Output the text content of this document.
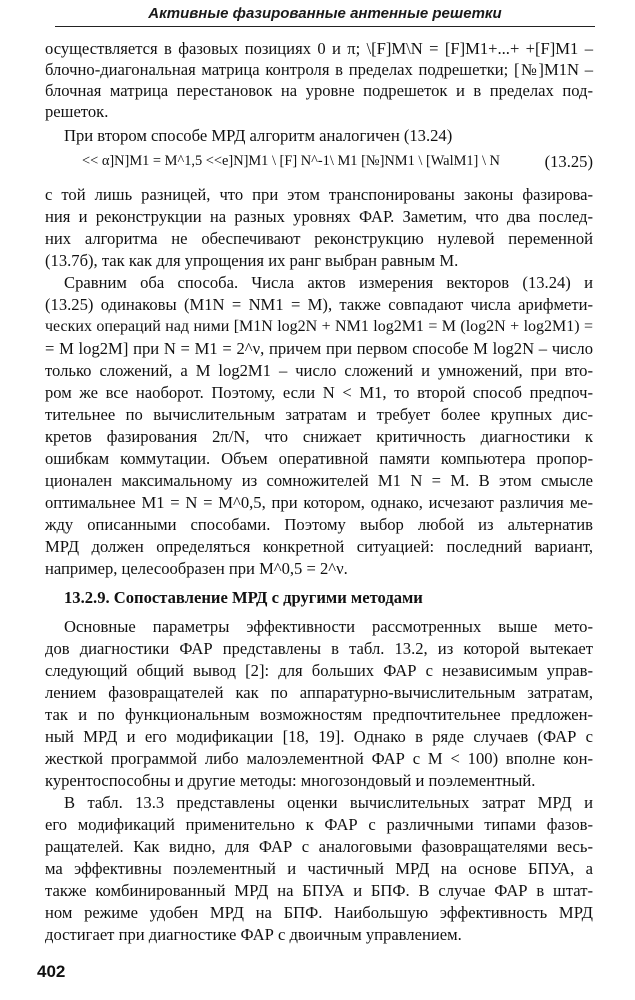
Активные фазированные антенные решетки
осуществляется в фазовых позициях 0 и π; \[F]M\N = [F]M1+...+ +[F]M1 –
блочно-диагональная матрица контроля в пределах подрешетки; [№]M1N –
блочная матрица перестановок на уровне подрешеток и в пределах под-
решеток.
При втором способе МРД алгоритм аналогичен (13.24)
<< α]N]M1 = M^1,5 <<e]N]M1 \ [F] N^-1\ M1 [№]NM1 \ [WalM1] \ N	(13.25)
с той лишь разницей, что при этом транспонированы законы фазирова-
ния и реконструкции на разных уровнях ФАР. Заметим, что два послед-
них алгоритма не обеспечивают реконструкцию нулевой переменной
(13.7б), так как для упрощения их ранг выбран равным M.
Сравним оба способа. Числа актов измерения векторов (13.24) и
(13.25) одинаковы (M1N = NM1 = M), также совпадают числа арифмети-
ческих операций над ними [M1N log2N + NM1 log2M1 = M (log2N + log2M1) =
= M log2M] при N = M1 = 2^ν, причем при первом способе M log2N – число
только сложений, а M log2M1 – число сложений и умножений, при вто-
ром же все наоборот. Поэтому, если N < M1, то второй способ предпоч-
тительнее по вычислительным затратам и требует более крупных дис-
кретов фазирования 2π/N, что снижает критичность диагностики к
ошибкам коммутации. Объем оперативной памяти компьютера пропор-
ционален максимальному из сомножителей M1 N = M. В этом смысле
оптимальнее M1 = N = M^0,5, при котором, однако, исчезают различия ме-
жду описанными способами. Поэтому выбор любой из альтернатив
МРД должен определяться конкретной ситуацией: последний вариант,
например, целесообразен при M^0,5 = 2^ν.
13.2.9. Сопоставление МРД с другими методами
Основные параметры эффективности рассмотренных выше мето-
дов диагностики ФАР представлены в табл. 13.2, из которой вытекает
следующий общий вывод [2]: для больших ФАР с независимым управ-
лением фазовращателей как по аппаратурно-вычислительным затратам,
так и по функциональным возможностям предпочтительнее предложен-
ный МРД и его модификации [18, 19]. Однако в ряде случаев (ФАР с
жесткой программой либо малоэлементной ФАР с M < 100) вполне кон-
курентоспособны и другие методы: многозондовый и поэлементный.
В табл. 13.3 представлены оценки вычислительных затрат МРД и
его модификаций применительно к ФАР с различными типами фазов-
ращателей. Как видно, для ФАР с аналоговыми фазовращателями весь-
ма эффективны поэлементный и частичный МРД на основе БПУА, а
также комбинированный МРД на БПУА и БПФ. В случае ФАР в штат-
ном режиме удобен МРД на БПФ. Наибольшую эффективность МРД
достигает при диагностике ФАР с двоичным управлением.
402
